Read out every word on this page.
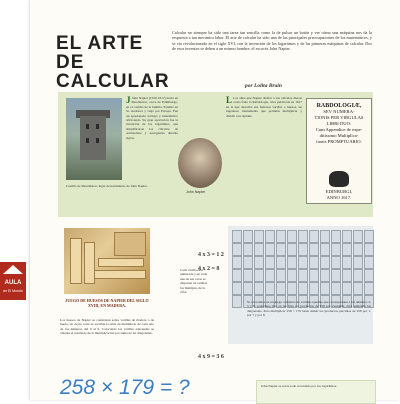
AULA
de El Mundo
EL ARTE DE CALCULAR
Calcular no siempre ha sido una tarea tan sencilla como la de pulsar un botón y ver cómo una máquina nos da la respuesta a tan mecánica labor. El arte de calcular ha sido una de las principales preocupaciones de los matemáticos, y se vio revolucionado en el siglo XVI, con la invención de los logaritmos y de las primeras máquinas de calcular. Dos de esos inventos se deben a un mismo hombre, el escocés John Napier.
por Lolita Brain
Castillo de Merchiston, lugar de nacimiento de John Napier.
J John Napier (1550-1617) nació en Merchiston, cerca de Edimburgo, en el castillo de la familia. Estudió en St. Andrews y viajó por Europa. Fue un apasionado teólogo y matemático aficionado. Su gran aportación fue la invención de los logaritmos, que simplificaron los cálculos de astrónomos y navegantes durante siglos.
John Napier
L Los años que Napier dedicó a sus cálculos dieron como fruto la Rabdología, obra publicada en 1617 en la que describe sus famosas varillas o huesos, un ingenioso instrumento que permitía multiplicar y dividir con rapidez.
RABDOLOGIÆ,
SEV NUMERA-
TIONIS PER VIRGULAS
LIBRI DUO:
Cum Appendice de expe-
ditissimo Multiplica-
tionis PROMPTUARIO.
EDINBURGI,
ANNO 1617.
JUEGO DE HUESOS DE NAPIER DEL SIGLO XVIII, EN MADERA.
Los huesos de Napier se construían sobre varillas de madera o de hueso, en cuyas caras se escribía la tabla de multiplicar de cada uno de los números del 0 al 9. Colocando las varillas adecuadas se obtenía el resultado de la multiplicación por suma de las diagonales.
4 x 3 = 1 2
4 x 2 = 8
Cada varilla está numerada y en cada una de sus caras se disponen en casillas los múltiplos de la cifra.
4 x 9 = 3 6
Si colocamos en un juego completo de varillas aquellas que corresponden a los números 2, 5 y 8, podremos leer en las filas los productos de 258 por cualquier cifra sumando las diagonales. Para multiplicar 258 × 179 basta sumar los productos parciales de 258 por 1, por 7 y por 9.
258 × 179 = ?	John Napier es sobre todo recordado por los logaritmos.
